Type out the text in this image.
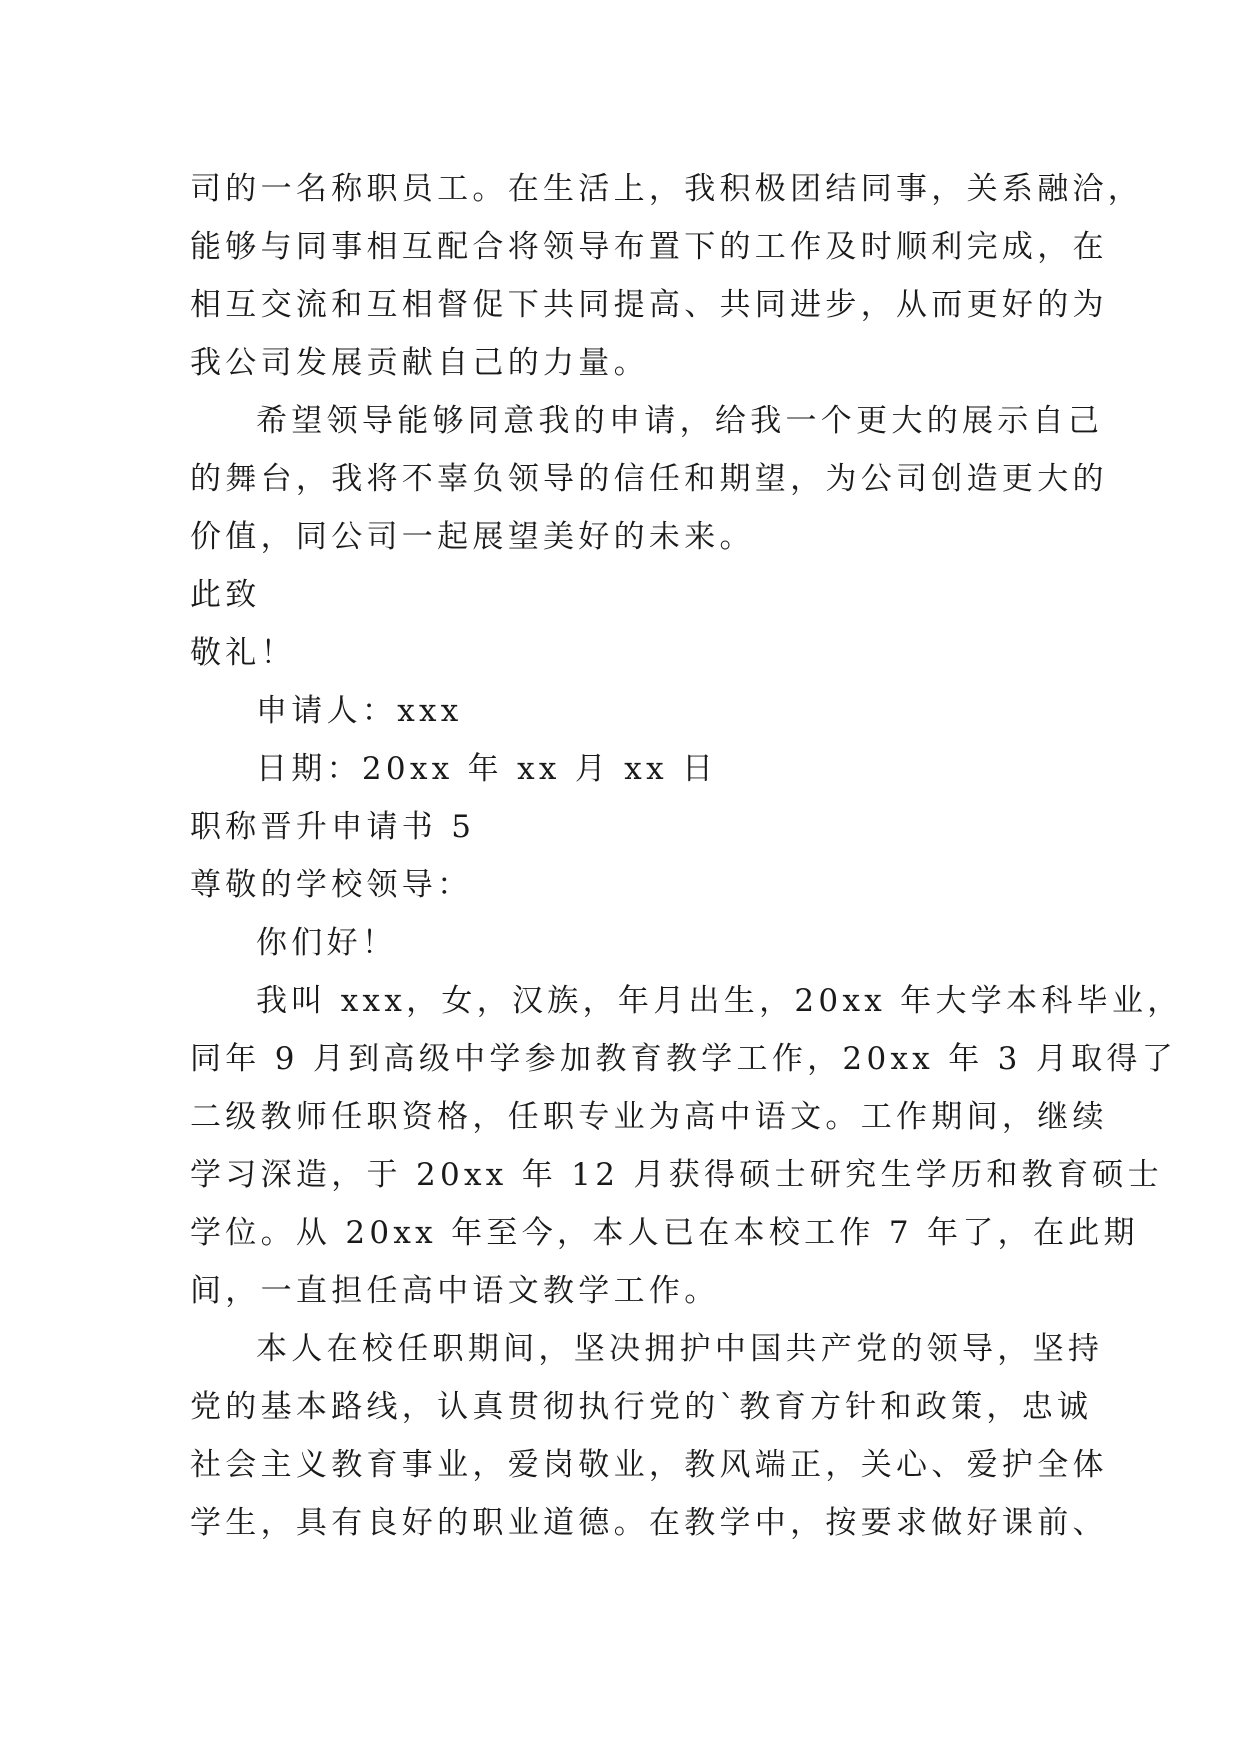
司的一名称职员工。在生活上，我积极团结同事，关系融洽，
能够与同事相互配合将领导布置下的工作及时顺利完成，在
相互交流和互相督促下共同提高、共同进步，从而更好的为
我公司发展贡献自己的力量。
希望领导能够同意我的申请，给我一个更大的展示自己
的舞台，我将不辜负领导的信任和期望，为公司创造更大的
价值，同公司一起展望美好的未来。
此致
敬礼！
申请人：xxx
日期：20xx 年 xx 月 xx 日
职称晋升申请书 5
尊敬的学校领导：
你们好！
我叫 xxx，女，汉族，年月出生，20xx 年大学本科毕业，
同年 9 月到高级中学参加教育教学工作，20xx 年 3 月取得了
二级教师任职资格，任职专业为高中语文。工作期间，继续
学习深造，于 20xx 年 12 月获得硕士研究生学历和教育硕士
学位。从 20xx 年至今，本人已在本校工作 7 年了，在此期
间，一直担任高中语文教学工作。
本人在校任职期间，坚决拥护中国共产党的领导，坚持
党的基本路线，认真贯彻执行党的`教育方针和政策，忠诚
社会主义教育事业，爱岗敬业，教风端正，关心、爱护全体
学生，具有良好的职业道德。在教学中，按要求做好课前、
